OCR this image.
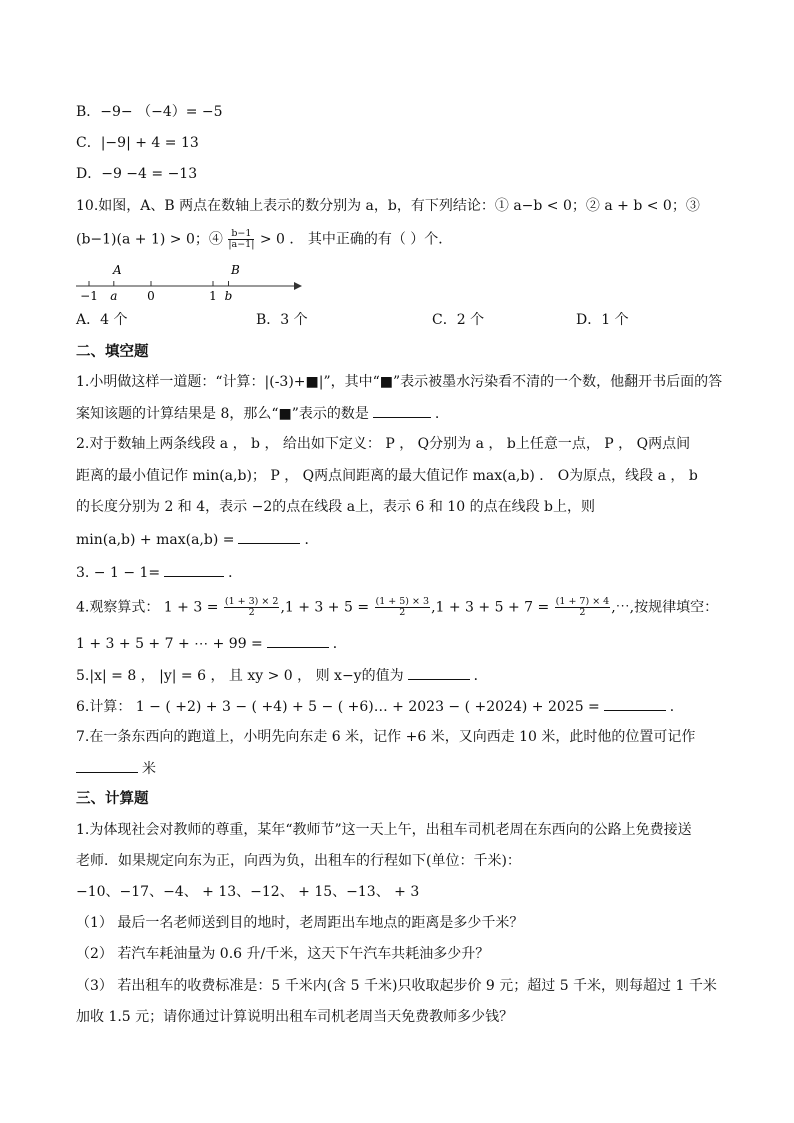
B．−9− （−4）= −5
C．|−9| + 4 = 13
D．−9 −4 = −13
10.如图，A、B 两点在数轴上表示的数分别为 a，b，有下列结论：① a−b < 0；② a + b < 0；③
(b−1)(a + 1) > 0；④ $\frac{b-1}{|a-1|} > 0$ ． 其中正确的有（ ）个．
−1 a 0	1 b
A	B
A．4 个	B．3 个	C．2 个	D．1 个
二、填空题
1.小明做这样一道题：“计算：|(-3)+■|”，其中“■”表示被墨水污染看不清的一个数，他翻开书后面的答
案知该题的计算结果是 8，那么“■”表示的数是	.
2.对于数轴上两条线段 a ， b ， 给出如下定义： P ， Q分别为 a ， b上任意一点， P ， Q两点间
距离的最小值记作 min(a,b)； P ， Q两点间距离的最大值记作 max(a,b) ． O为原点，线段 a ， b
的长度分别为 2 和 4，表示 −2的点在线段 a上，表示 6 和 10 的点在线段 b上，则
min(a,b) + max(a,b) =	．
3. − 1 − 1=	．
4.观察算式： $1 + 3 = \frac{(1 + 3) \times 2}{2} ,1 + 3 + 5 = \frac{(1 + 5) \times 3}{2} ,1 + 3 + 5 + 7 = \frac{(1 + 7) \times 4}{2}$ ,⋯,按规律填空：
1 + 3 + 5 + 7 + ⋯ + 99 =	．
5.|x| = 8 ， |y| = 6 ， 且 xy > 0 ， 则 x−y的值为	．
6.计算： 1 − ( +2) + 3 − ( +4) + 5 − ( +6)… + 2023 − ( +2024) + 2025 =	．
7.在一条东西向的跑道上，小明先向东走 6 米，记作 +6 米，又向西走 10 米，此时他的位置可记作
米
三、计算题
1.为体现社会对教师的尊重，某年“教师节”这一天上午，出租车司机老周在东西向的公路上免费接送
老师．如果规定向东为正，向西为负，出租车的行程如下(单位：千米)：
−10、−17、−4、 + 13、−12、 + 15、−13、 + 3
（1） 最后一名老师送到目的地时，老周距出车地点的距离是多少千米？
（2） 若汽车耗油量为 0.6 升/千米，这天下午汽车共耗油多少升？
（3） 若出租车的收费标准是：5 千米内(含 5 千米)只收取起步价 9 元；超过 5 千米，则每超过 1 千米
加收 1.5 元；请你通过计算说明出租车司机老周当天免费教师多少钱？
